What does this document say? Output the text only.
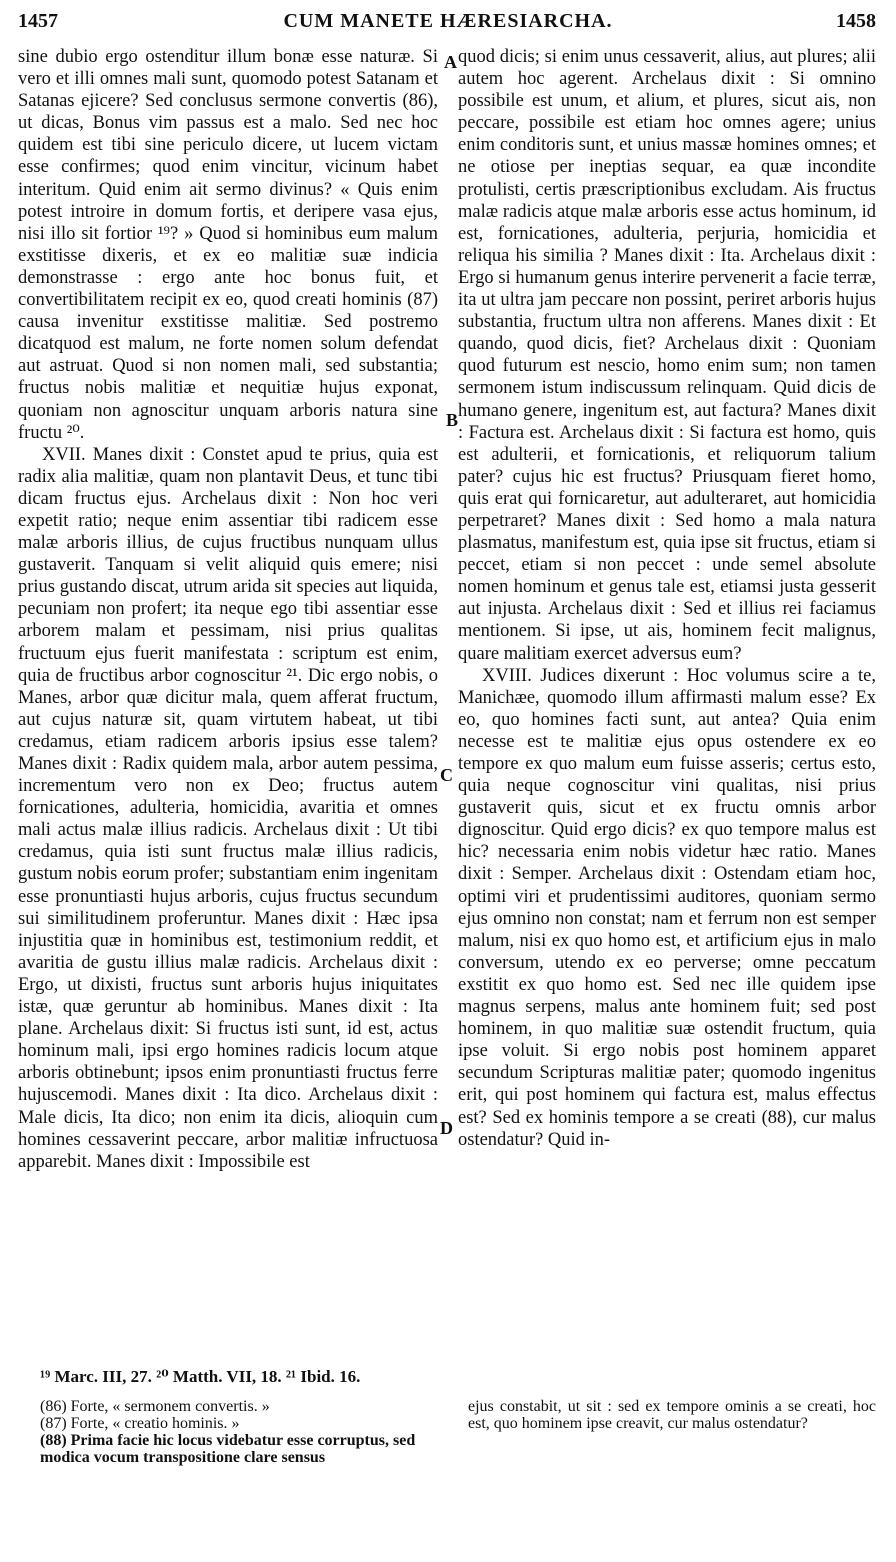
1457	CUM MANETE HÆRESIARCHA.	1458

sine dubio ergo ostenditur illum bonæ esse naturæ. Si vero et illi omnes mali sunt, quomodo potest Satanam et Satanas ejicere? Sed conclusus sermone convertis (86), ut dicas, Bonus vim passus est a malo. Sed nec hoc quidem est tibi sine periculo dicere, ut lucem victam esse confirmes; quod enim vincitur, vicinum habet interitum. Quid enim ait sermo divinus? « Quis enim potest introire in domum fortis, et deripere vasa ejus, nisi illo sit fortior ¹⁹? » Quod si hominibus eum malum exstitisse dixeris, et ex eo malitiæ suæ indicia demonstrasse : ergo ante hoc bonus fuit, et convertibilitatem recipit ex eo, quod creati hominis (87) causa invenitur exstitisse malitiæ. Sed postremo dicatquod est malum, ne forte nomen solum defendat aut astruat. Quod si non nomen mali, sed substantia; fructus nobis malitiæ et nequitiæ hujus exponat, quoniam non agnoscitur unquam arboris natura sine fructu ²⁰.

XVII. Manes dixit : Constet apud te prius, quia est radix alia malitiæ, quam non plantavit Deus, et tunc tibi dicam fructus ejus. Archelaus dixit : Non hoc veri expetit ratio; neque enim assentiar tibi radicem esse malæ arboris illius, de cujus fructibus nunquam ullus gustaverit. Tanquam si velit aliquid quis emere; nisi prius gustando discat, utrum arida sit species aut liquida, pecuniam non profert; ita neque ego tibi assentiar esse arborem malam et pessimam, nisi prius qualitas fructuum ejus fuerit manifestata : scriptum est enim, quia de fructibus arbor cognoscitur ²¹. Dic ergo nobis, o Manes, arbor quæ dicitur mala, quem afferat fructum, aut cujus naturæ sit, quam virtutem habeat, ut tibi credamus, etiam radicem arboris ipsius esse talem? Manes dixit : Radix quidem mala, arbor autem pessima, incrementum vero non ex Deo; fructus autem fornicationes, adulteria, homicidia, avaritia et omnes mali actus malæ illius radicis. Archelaus dixit : Ut tibi credamus, quia isti sunt fructus malæ illius radicis, gustum nobis eorum profer; substantiam enim ingenitam esse pronuntiasti hujus arboris, cujus fructus secundum sui similitudinem proferuntur. Manes dixit : Hæc ipsa injustitia quæ in hominibus est, testimonium reddit, et avaritia de gustu illius malæ radicis. Archelaus dixit : Ergo, ut dixisti, fructus sunt arboris hujus iniquitates istæ, quæ geruntur ab hominibus. Manes dixit : Ita plane. Archelaus dixit: Si fructus isti sunt, id est, actus hominum mali, ipsi ergo homines radicis locum atque arboris obtinebunt; ipsos enim pronuntiasti fructus ferre hujuscemodi. Manes dixit : Ita dico. Archelaus dixit : Male dicis, Ita dico; non enim ita dicis, alioquin cum homines cessaverint peccare, arbor malitiæ infructuosa apparebit. Manes dixit : Impossibile est

quod dicis; si enim unus cessaverit, alius, aut plures; alii autem hoc agerent. Archelaus dixit : Si omnino possibile est unum, et alium, et plures, sicut ais, non peccare, possibile est etiam hoc omnes agere; unius enim conditoris sunt, et unius massæ homines omnes; et ne otiose per ineptias sequar, ea quæ incondite protulisti, certis præscriptionibus excludam. Ais fructus malæ radicis atque malæ arboris esse actus hominum, id est, fornicationes, adulteria, perjuria, homicidia et reliqua his similia ? Manes dixit : Ita. Archelaus dixit : Ergo si humanum genus interire pervenerit a facie terræ, ita ut ultra jam peccare non possint, periret arboris hujus substantia, fructum ultra non afferens. Manes dixit : Et quando, quod dicis, fiet? Archelaus dixit : Quoniam quod futurum est nescio, homo enim sum; non tamen sermonem istum indiscussum relinquam. Quid dicis de humano genere, ingenitum est, aut factura? Manes dixit : Factura est. Archelaus dixit : Si factura est homo, quis est adulterii, et fornicationis, et reliquorum talium pater? cujus hic est fructus? Priusquam fieret homo, quis erat qui fornicaretur, aut adulteraret, aut homicidia perpetraret? Manes dixit : Sed homo a mala natura plasmatus, manifestum est, quia ipse sit fructus, etiam si peccet, etiam si non peccet : unde semel absolute nomen hominum et genus tale est, etiamsi justa gesserit aut injusta. Archelaus dixit : Sed et illius rei faciamus mentionem. Si ipse, ut ais, hominem fecit malignus, quare malitiam exercet adversus eum?

XVIII. Judices dixerunt : Hoc volumus scire a te, Manichæe, quomodo illum affirmasti malum esse? Ex eo, quo homines facti sunt, aut antea? Quia enim necesse est te malitiæ ejus opus ostendere ex eo tempore ex quo malum eum fuisse asseris; certus esto, quia neque cognoscitur vini qualitas, nisi prius gustaverit quis, sicut et ex fructu omnis arbor dignoscitur. Quid ergo dicis? ex quo tempore malus est hic? necessaria enim nobis videtur hæc ratio. Manes dixit : Semper. Archelaus dixit : Ostendam etiam hoc, optimi viri et prudentissimi auditores, quoniam sermo ejus omnino non constat; nam et ferrum non est semper malum, nisi ex quo homo est, et artificium ejus in malo conversum, utendo ex eo perverse; omne peccatum exstitit ex quo homo est. Sed nec ille quidem ipse magnus serpens, malus ante hominem fuit; sed post hominem, in quo malitiæ suæ ostendit fructum, quia ipse voluit. Si ergo nobis post hominem apparet secundum Scripturas malitiæ pater; quomodo ingenitus erit, qui post hominem qui factura est, malus effectus est? Sed ex hominis tempore a se creati (88), cur malus ostendatur? Quid in-

A
B
C
D
¹⁹ Marc. III, 27. ²⁰ Matth. VII, 18. ²¹ Ibid. 16.
(86) Forte, « sermonem convertis. »
(87) Forte, « creatio hominis. »
(88) Prima facie hic locus videbatur esse corruptus, sed modica vocum transpositione clare sensus
ejus constabit, ut sit : sed ex tempore ominis a se creati, hoc est, quo hominem ipse creavit, cur malus ostendatur?
